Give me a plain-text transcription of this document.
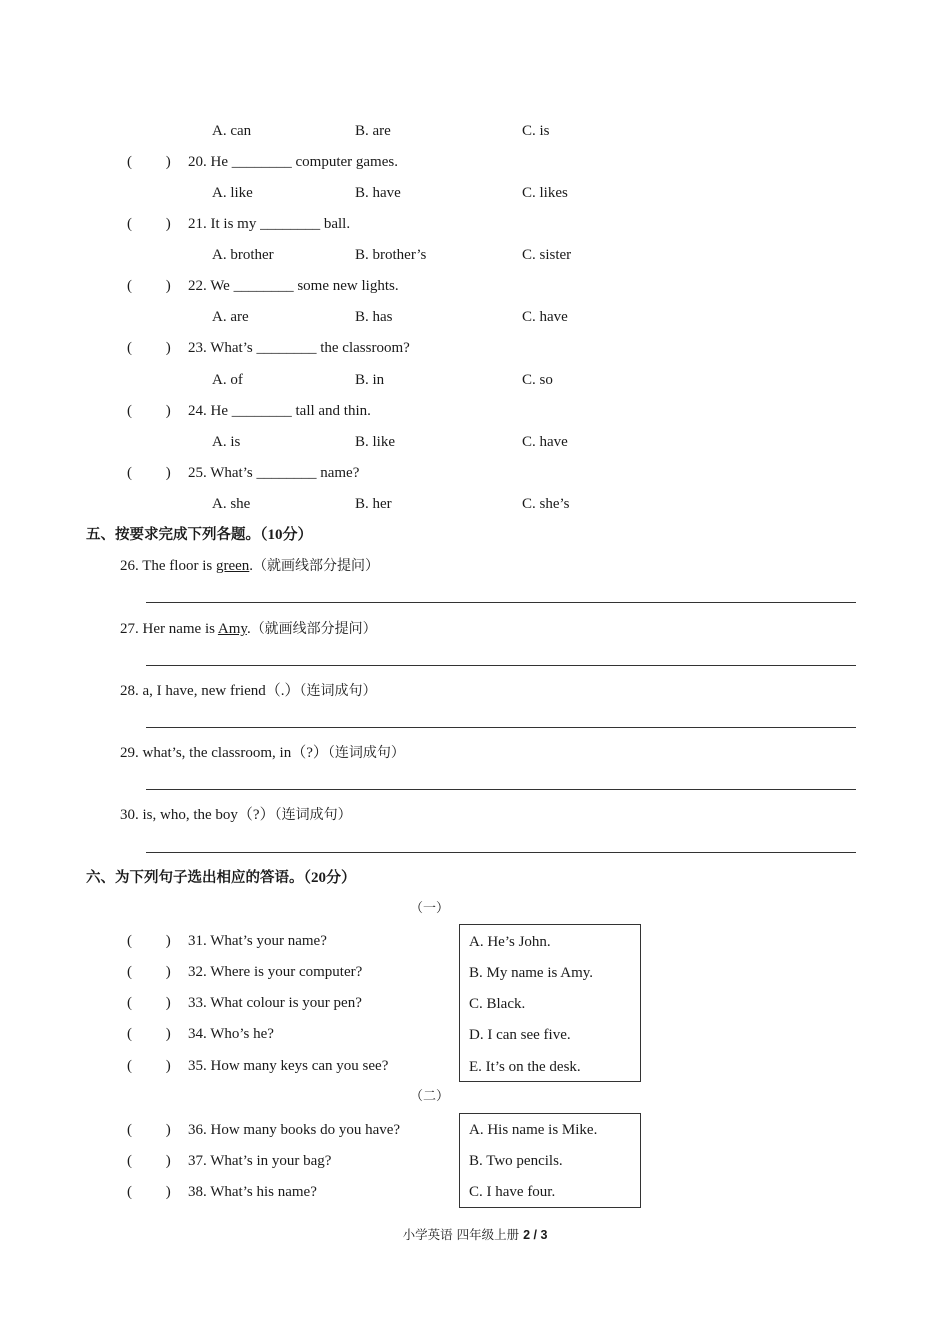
A. can	B. are	C. is
(         ) 20. He ________ computer games.
A. like	B. have	C. likes
(         ) 21. It is my ________ ball.
A. brother	B. brother’s	C. sister
(         ) 22. We ________ some new lights.
A. are	B. has	C. have
(         ) 23. What’s ________ the classroom?
A. of	B. in	C. so
(         ) 24. He ________ tall and thin.
A. is	B. like	C. have
(         ) 25. What’s ________ name?
A. she	B. her	C. she’s
五、按要求完成下列各题。（10分）
26. The floor is green.（就画线部分提问）
27. Her name is Amy.（就画线部分提问）
28. a, I have, new friend（.）（连词成句）
29. what’s, the classroom, in（?）（连词成句）
30. is, who, the boy（?）（连词成句）
六、为下列句子选出相应的答语。（20分）
（一）
(         ) 31. What’s your name?
(         ) 32. Where is your computer?
(         ) 33. What colour is your pen?
(         ) 34. Who’s he?
(         ) 35. How many keys can you see?
A. He’s John.
B. My name is Amy.
C. Black.
D. I can see five.
E. It’s on the desk.
（二）
(         ) 36. How many books do you have?
(         ) 37. What’s in your bag?
(         ) 38. What’s his name?
A. His name is Mike.
B. Two pencils.
C. I have four.
小学英语 四年级上册 2 / 3
